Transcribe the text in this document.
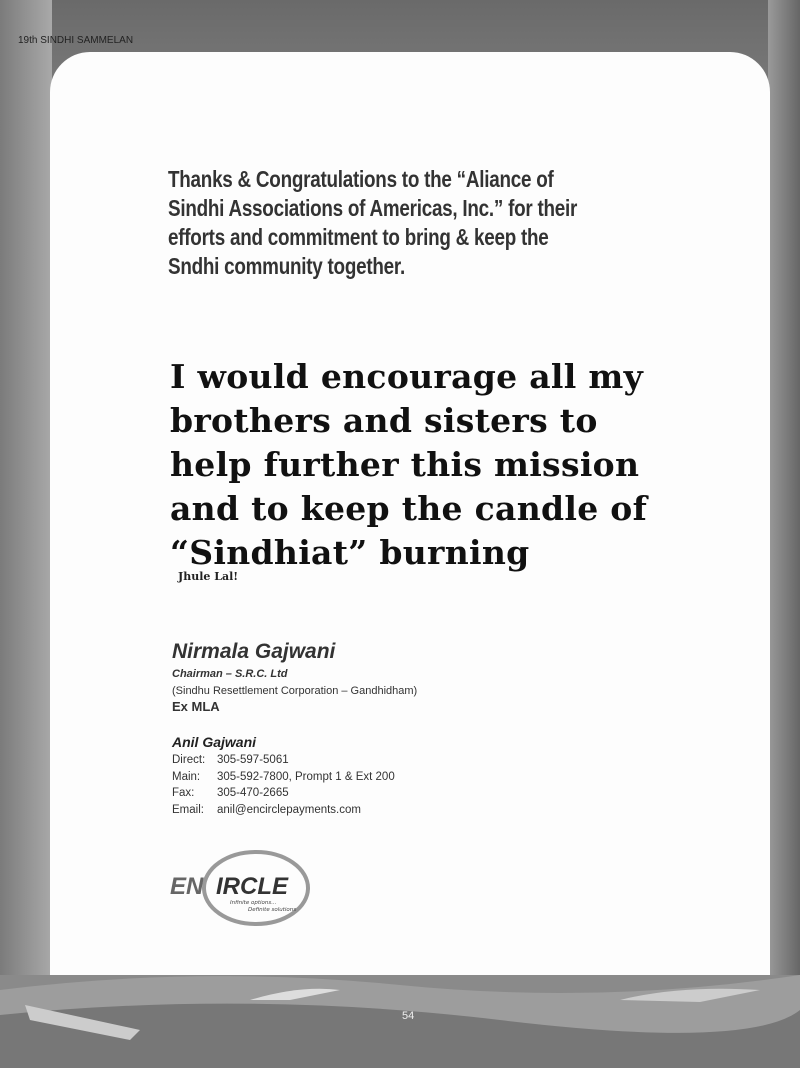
19th SINDHI SAMMELAN
Thanks & Congratulations to the “Aliance of Sindhi Associations of Americas, Inc.” for their efforts and commitment to bring & keep the Sndhi community together.
I would encourage all my brothers and sisters to help further this mission and to keep the candle of “Sindhiat” burning
Jhule Lal!
Nirmala Gajwani
Chairman – S.R.C. Ltd
(Sindhu Resettlement Corporation – Gandhidham)
Ex MLA
Anil Gajwani
Direct: 305-597-5061
Main: 305-592-7800, Prompt 1 & Ext 200
Fax: 305-470-2665
Email: anil@encirclepayments.com
EN IRCLE
Infinite options...
Definite solutions
54
